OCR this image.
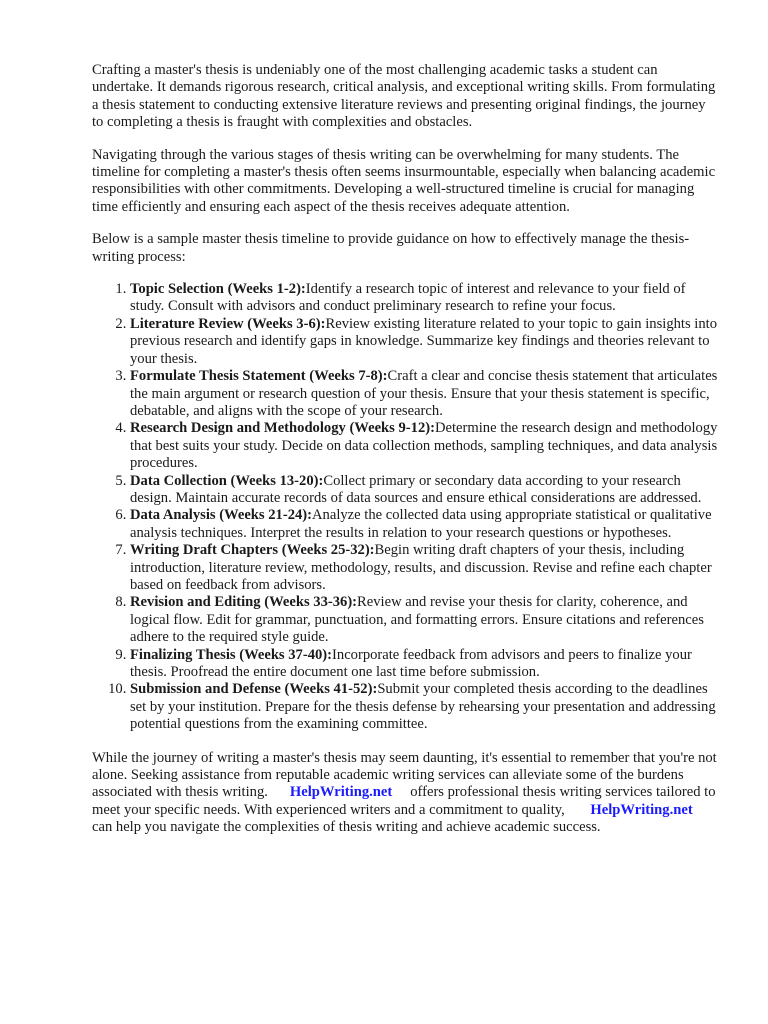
Crafting a master's thesis is undeniably one of the most challenging academic tasks a student can undertake. It demands rigorous research, critical analysis, and exceptional writing skills. From formulating a thesis statement to conducting extensive literature reviews and presenting original findings, the journey to completing a thesis is fraught with complexities and obstacles.

Navigating through the various stages of thesis writing can be overwhelming for many students. The timeline for completing a master's thesis often seems insurmountable, especially when balancing academic responsibilities with other commitments. Developing a well-structured timeline is crucial for managing time efficiently and ensuring each aspect of the thesis receives adequate attention.

Below is a sample master thesis timeline to provide guidance on how to effectively manage the thesis-writing process:

1. Topic Selection (Weeks 1-2):Identify a research topic of interest and relevance to your field of study. Consult with advisors and conduct preliminary research to refine your focus.
2. Literature Review (Weeks 3-6):Review existing literature related to your topic to gain insights into previous research and identify gaps in knowledge. Summarize key findings and theories relevant to your thesis.
3. Formulate Thesis Statement (Weeks 7-8):Craft a clear and concise thesis statement that articulates the main argument or research question of your thesis. Ensure that your thesis statement is specific, debatable, and aligns with the scope of your research.
4. Research Design and Methodology (Weeks 9-12):Determine the research design and methodology that best suits your study. Decide on data collection methods, sampling techniques, and data analysis procedures.
5. Data Collection (Weeks 13-20):Collect primary or secondary data according to your research design. Maintain accurate records of data sources and ensure ethical considerations are addressed.
6. Data Analysis (Weeks 21-24):Analyze the collected data using appropriate statistical or qualitative analysis techniques. Interpret the results in relation to your research questions or hypotheses.
7. Writing Draft Chapters (Weeks 25-32):Begin writing draft chapters of your thesis, including introduction, literature review, methodology, results, and discussion. Revise and refine each chapter based on feedback from advisors.
8. Revision and Editing (Weeks 33-36):Review and revise your thesis for clarity, coherence, and logical flow. Edit for grammar, punctuation, and formatting errors. Ensure citations and references adhere to the required style guide.
9. Finalizing Thesis (Weeks 37-40):Incorporate feedback from advisors and peers to finalize your thesis. Proofread the entire document one last time before submission.
10. Submission and Defense (Weeks 41-52):Submit your completed thesis according to the deadlines set by your institution. Prepare for the thesis defense by rehearsing your presentation and addressing potential questions from the examining committee.

While the journey of writing a master's thesis may seem daunting, it's essential to remember that you're not alone. Seeking assistance from reputable academic writing services can alleviate some of the burdens associated with thesis writing. HelpWriting.net offers professional thesis writing services tailored to meet your specific needs. With experienced writers and a commitment to quality, HelpWriting.netcan help you navigate the complexities of thesis writing and achieve academic success.
